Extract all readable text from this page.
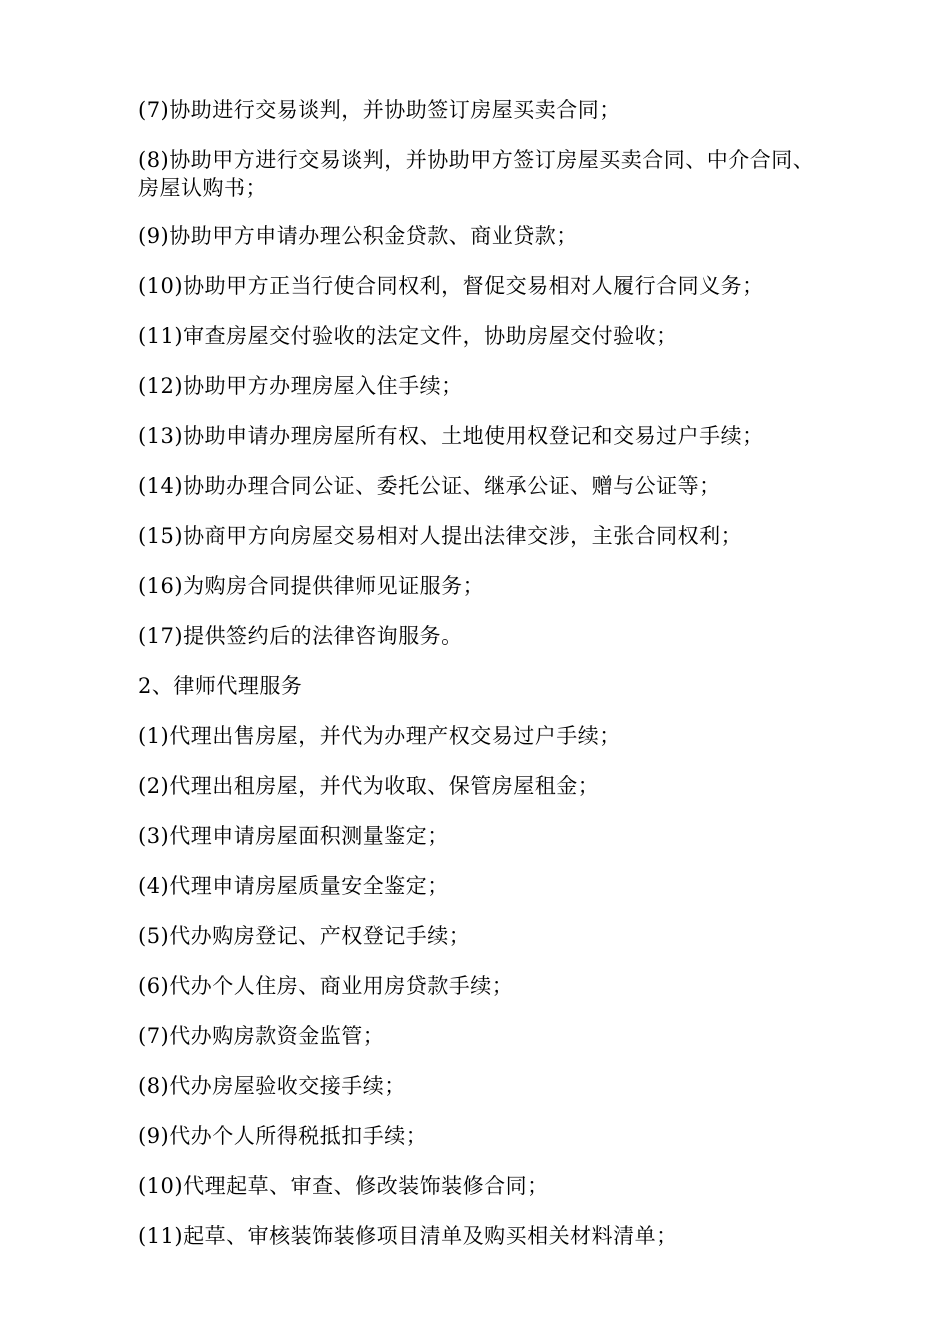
(7)协助进行交易谈判，并协助签订房屋买卖合同；
(8)协助甲方进行交易谈判，并协助甲方签订房屋买卖合同、中介合同、房屋认购书；
(9)协助甲方申请办理公积金贷款、商业贷款；
(10)协助甲方正当行使合同权利，督促交易相对人履行合同义务；
(11)审查房屋交付验收的法定文件，协助房屋交付验收；
(12)协助甲方办理房屋入住手续；
(13)协助申请办理房屋所有权、土地使用权登记和交易过户手续；
(14)协助办理合同公证、委托公证、继承公证、赠与公证等；
(15)协商甲方向房屋交易相对人提出法律交涉，主张合同权利；
(16)为购房合同提供律师见证服务；
(17)提供签约后的法律咨询服务。
2、律师代理服务
(1)代理出售房屋，并代为办理产权交易过户手续；
(2)代理出租房屋，并代为收取、保管房屋租金；
(3)代理申请房屋面积测量鉴定；
(4)代理申请房屋质量安全鉴定；
(5)代办购房登记、产权登记手续；
(6)代办个人住房、商业用房贷款手续；
(7)代办购房款资金监管；
(8)代办房屋验收交接手续；
(9)代办个人所得税抵扣手续；
(10)代理起草、审查、修改装饰装修合同；
(11)起草、审核装饰装修项目清单及购买相关材料清单；
